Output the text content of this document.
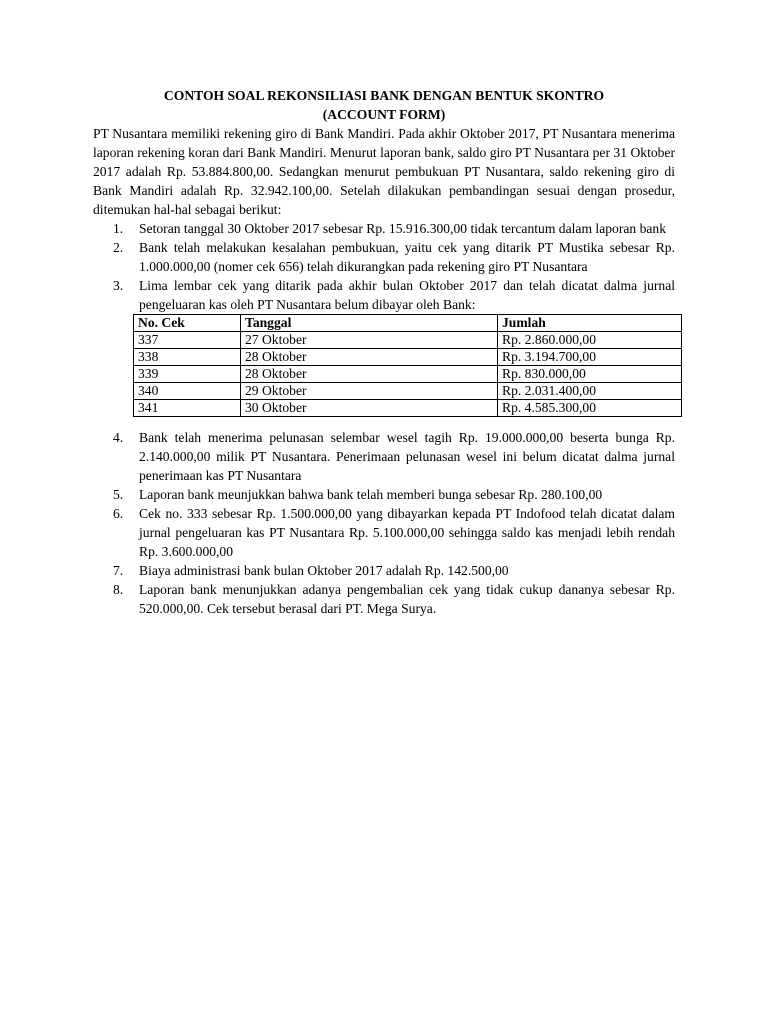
CONTOH SOAL REKONSILIASI BANK DENGAN BENTUK SKONTRO

(ACCOUNT FORM)

PT Nusantara memiliki rekening giro di Bank Mandiri. Pada akhir Oktober 2017, PT Nusantara menerima laporan rekening koran dari Bank Mandiri. Menurut laporan bank, saldo giro PT Nusantara per 31 Oktober 2017 adalah Rp. 53.884.800,00. Sedangkan menurut pembukuan PT Nusantara, saldo rekening giro di Bank Mandiri adalah Rp. 32.942.100,00. Setelah dilakukan pembandingan sesuai dengan prosedur, ditemukan hal-hal sebagai berikut:

1.	Setoran tanggal 30 Oktober 2017 sebesar Rp. 15.916.300,00 tidak tercantum dalam laporan bank
2.	Bank telah melakukan kesalahan pembukuan, yaitu cek yang ditarik PT Mustika sebesar Rp. 1.000.000,00 (nomer cek 656) telah dikurangkan pada rekening giro PT Nusantara
3.	Lima lembar cek yang ditarik pada akhir bulan Oktober 2017 dan telah dicatat dalma jurnal pengeluaran kas oleh PT Nusantara belum dibayar oleh Bank:
No. Cek	Tanggal	Jumlah
337	27 Oktober	Rp. 2.860.000,00
338	28 Oktober	Rp. 3.194.700,00
339	28 Oktober	Rp. 830.000,00
340	29 Oktober	Rp. 2.031.400,00
341	30 Oktober	Rp. 4.585.300,00
4.	Bank telah menerima pelunasan selembar wesel tagih Rp. 19.000.000,00 beserta bunga Rp. 2.140.000,00 milik PT Nusantara. Penerimaan pelunasan wesel ini belum dicatat dalma jurnal penerimaan kas PT Nusantara
5.	Laporan bank meunjukkan bahwa bank telah memberi bunga sebesar Rp. 280.100,00
6.	Cek no. 333 sebesar Rp. 1.500.000,00 yang dibayarkan kepada PT Indofood telah dicatat dalam jurnal pengeluaran kas PT Nusantara Rp. 5.100.000,00 sehingga saldo kas menjadi lebih rendah Rp. 3.600.000,00
7.	Biaya administrasi bank bulan Oktober 2017 adalah Rp. 142.500,00
8.	Laporan bank menunjukkan adanya pengembalian cek yang tidak cukup dananya sebesar Rp. 520.000,00. Cek tersebut berasal dari PT. Mega Surya.
